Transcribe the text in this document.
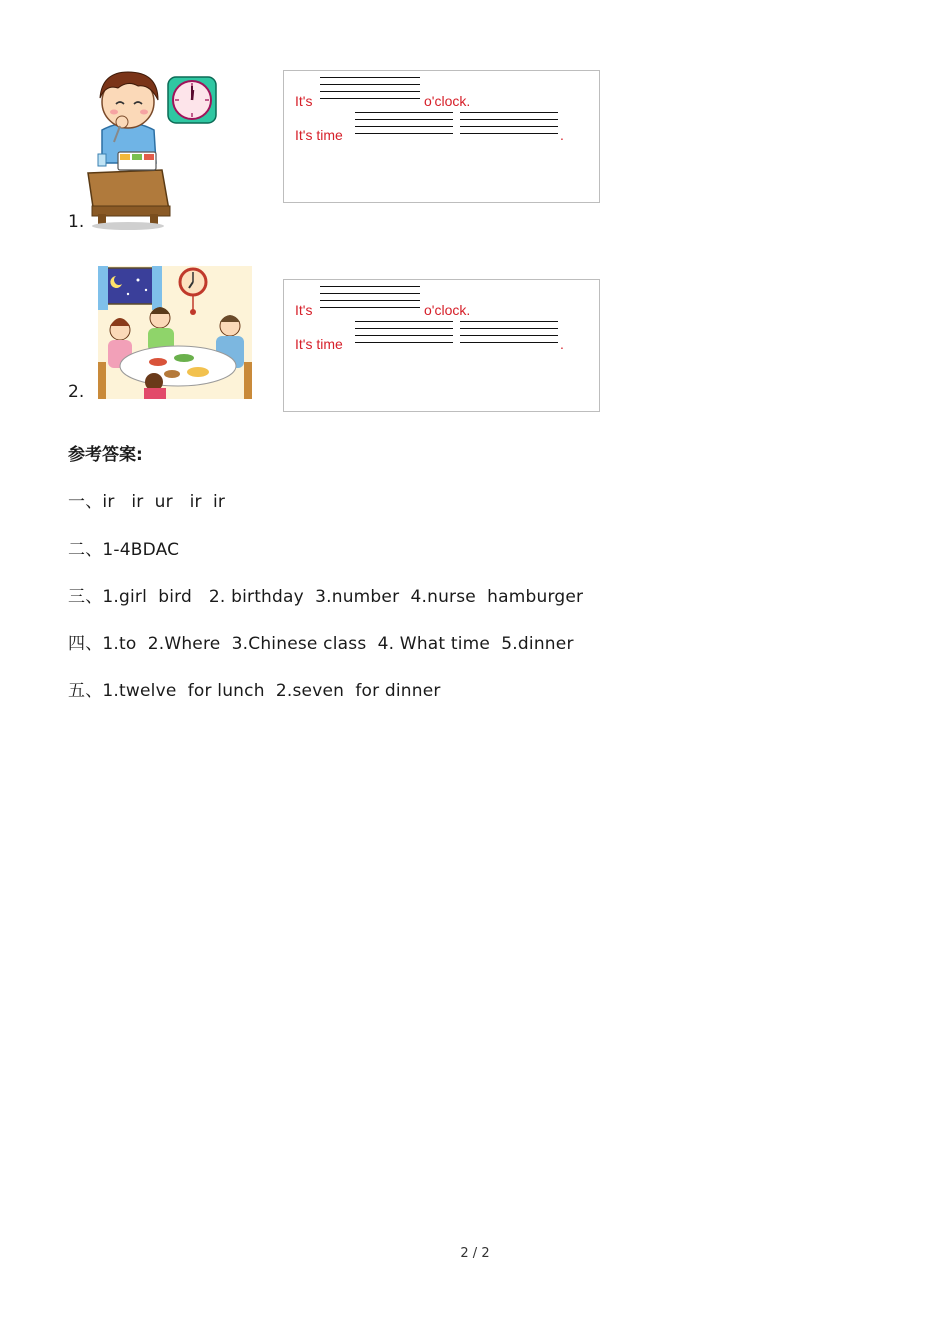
1.
It's	o'clock.
It's time	.
2.
It's	o'clock.
It's time	.
参考答案:
一、ir   ir  ur   ir  ir
二、1-4BDAC
三、1.girl  bird   2. birthday  3.number  4.nurse  hamburger
四、1.to  2.Where  3.Chinese class  4. What time  5.dinner
五、1.twelve  for lunch  2.seven  for dinner
2 / 2
